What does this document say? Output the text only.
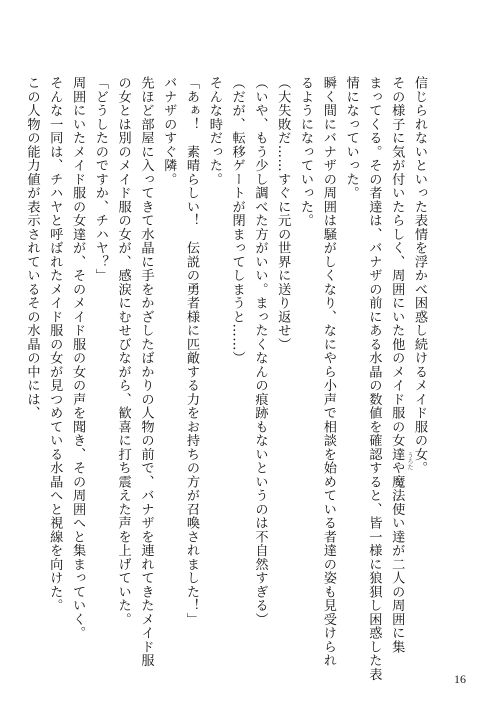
信じられないといった表情を浮かべ困惑し続けるメイド服の女。
その様子に気が付いたらしく、周囲にいた他のメイド服の女達や魔法使い達が二人の周囲に集
まってくる。その者達は、バナザの前にある水晶の数値を確認すると、皆一様に狼狽し困惑した表
情になっていった。
瞬く間にバナザの周囲は騒がしくなり、なにやら小声で相談を始めている者達の姿も見受けられ
るようになっていった。
（大失敗だ……すぐに元の世界に送り返せ）
（いや、もう少し調べた方がいい。まったくなんの痕跡もないというのは不自然すぎる）
（だが、転移ゲートが閉まってしまうと……）
そんな時だった。
「あぁ！　素晴らしい！　伝説の勇者様に匹敵する力をお持ちの方が召喚されました！」
バナザのすぐ隣。
先ほど部屋に入ってきて水晶に手をかざしたばかりの人物の前で、バナザを連れてきたメイド服
の女とは別のメイド服の女が、感涙にむせびながら、歓喜に打ち震えた声を上げていた。
「どうしたのですか、チハヤ？」
周囲にいたメイド服の女達が、そのメイド服の女の声を聞き、その周囲へと集まっていく。
そんな一同は、チハヤと呼ばれたメイド服の女が見つめている水晶へと視線を向けた。
この人物の能力値が表示されているその水晶の中には、
うろた
16
